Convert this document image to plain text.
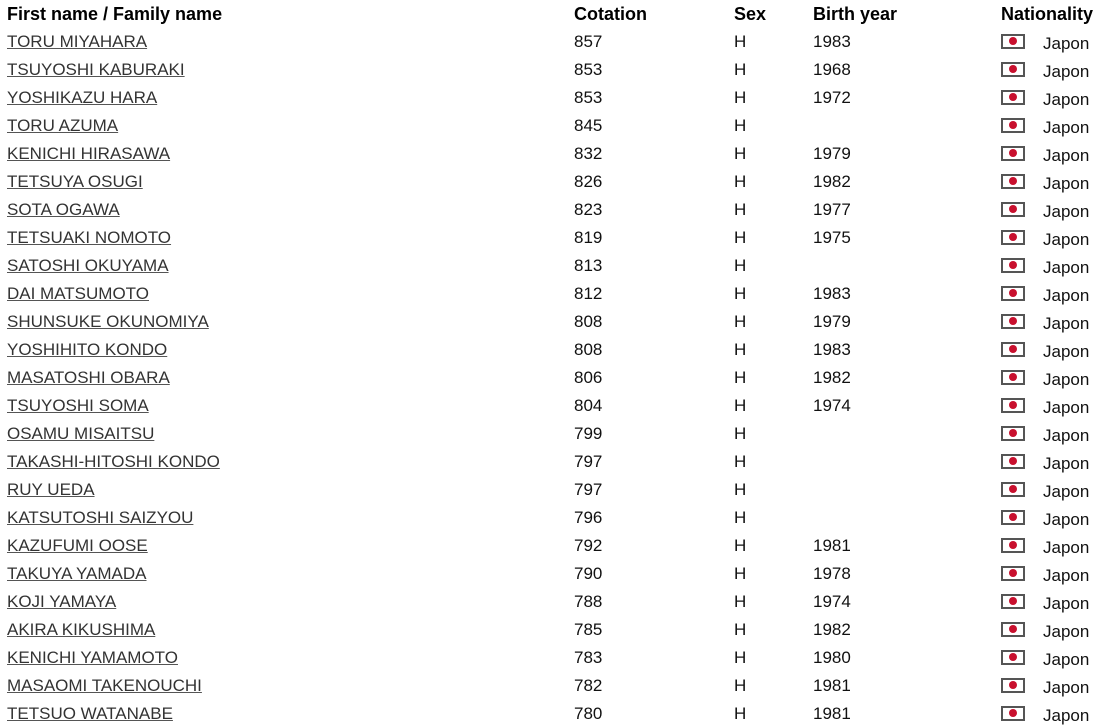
First name / Family name	Cotation	Sex	Birth year	Nationality
TORU MIYAHARA	857	H	1983	Japon
TSUYOSHI KABURAKI	853	H	1968	Japon
YOSHIKAZU HARA	853	H	1972	Japon
TORU AZUMA	845	H		Japon
KENICHI HIRASAWA	832	H	1979	Japon
TETSUYA OSUGI	826	H	1982	Japon
SOTA OGAWA	823	H	1977	Japon
TETSUAKI NOMOTO	819	H	1975	Japon
SATOSHI OKUYAMA	813	H		Japon
DAI MATSUMOTO	812	H	1983	Japon
SHUNSUKE OKUNOMIYA	808	H	1979	Japon
YOSHIHITO KONDO	808	H	1983	Japon
MASATOSHI OBARA	806	H	1982	Japon
TSUYOSHI SOMA	804	H	1974	Japon
OSAMU MISAITSU	799	H		Japon
TAKASHI-HITOSHI KONDO	797	H		Japon
RUY UEDA	797	H		Japon
KATSUTOSHI SAIZYOU	796	H		Japon
KAZUFUMI OOSE	792	H	1981	Japon
TAKUYA YAMADA	790	H	1978	Japon
KOJI YAMAYA	788	H	1974	Japon
AKIRA KIKUSHIMA	785	H	1982	Japon
KENICHI YAMAMOTO	783	H	1980	Japon
MASAOMI TAKENOUCHI	782	H	1981	Japon
TETSUO WATANABE	780	H	1981	Japon
